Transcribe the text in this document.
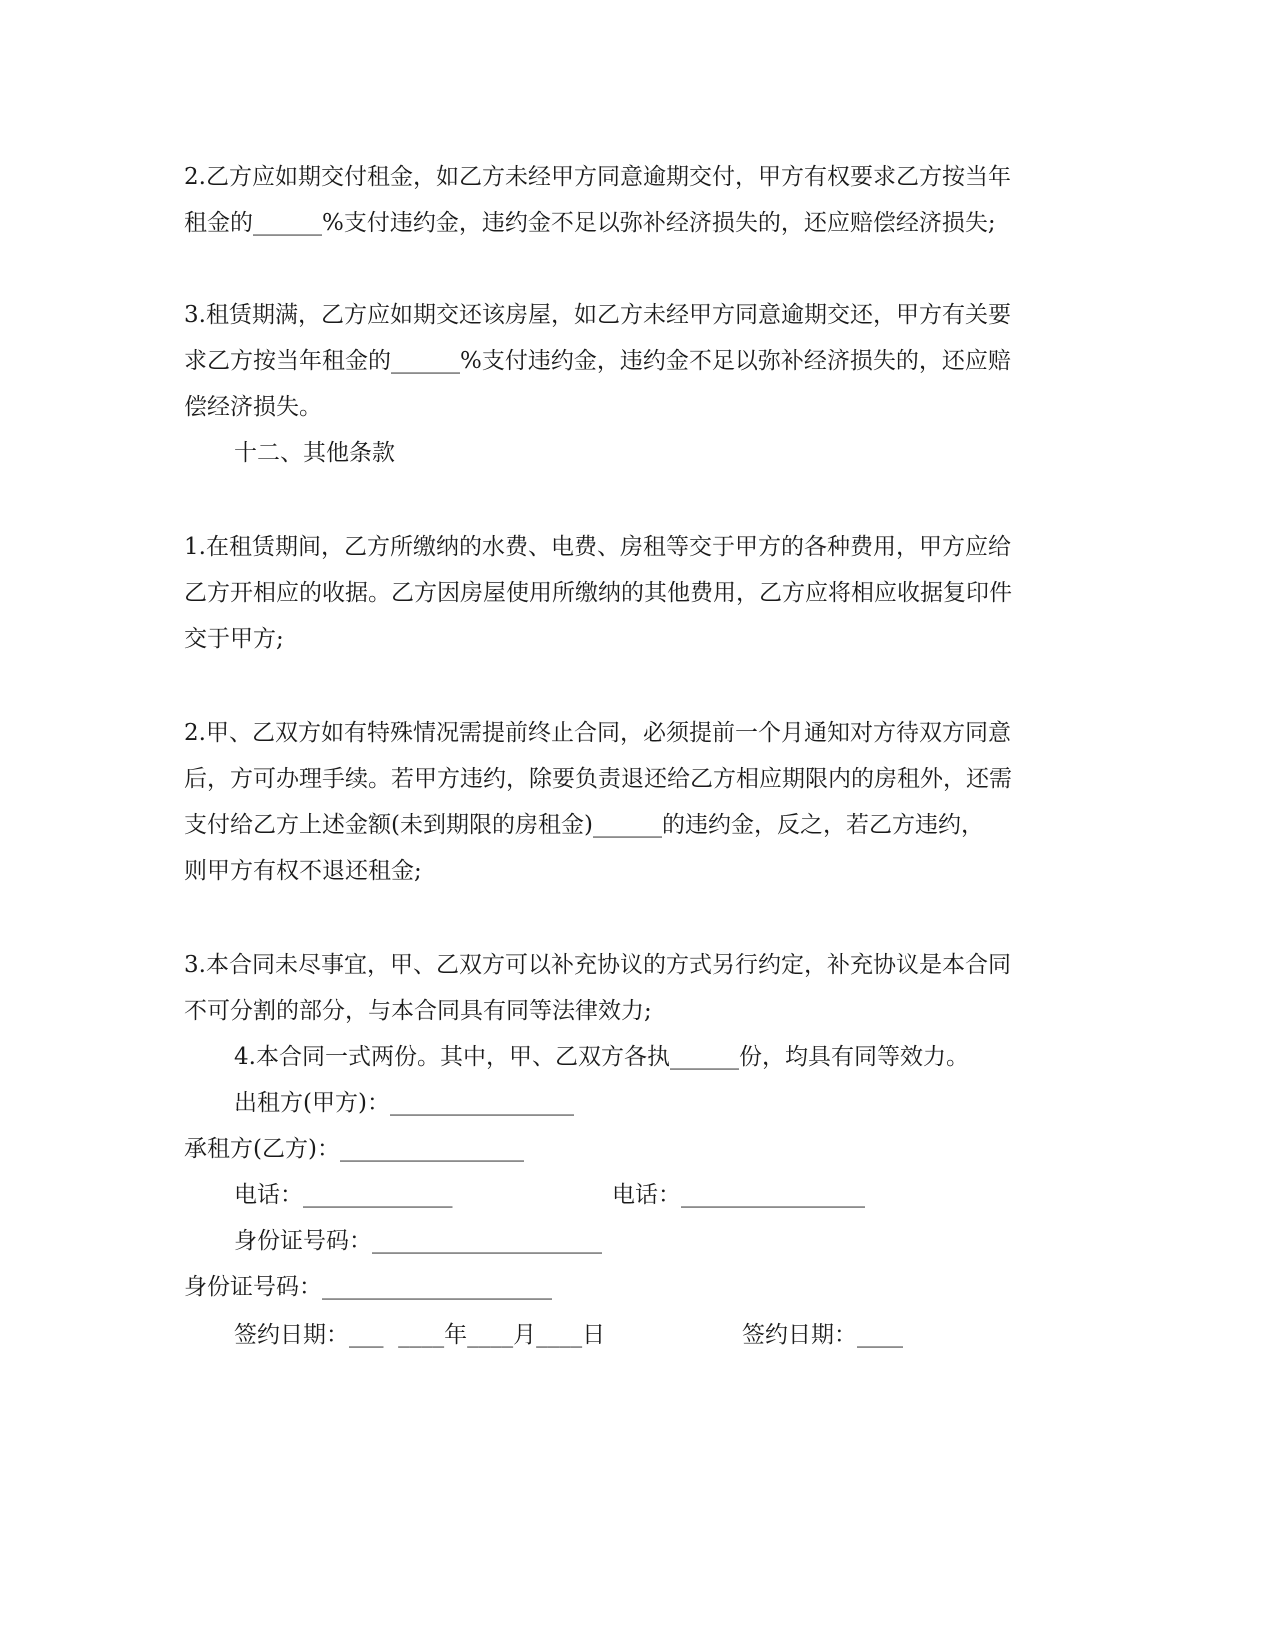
2.乙方应如期交付租金，如乙方未经甲方同意逾期交付，甲方有权要求乙方按当年
租金的______%支付违约金，违约金不足以弥补经济损失的，还应赔偿经济损失;
3.租赁期满，乙方应如期交还该房屋，如乙方未经甲方同意逾期交还，甲方有关要
求乙方按当年租金的______%支付违约金，违约金不足以弥补经济损失的，还应赔
偿经济损失。
十二、其他条款
1.在租赁期间，乙方所缴纳的水费、电费、房租等交于甲方的各种费用，甲方应给
乙方开相应的收据。乙方因房屋使用所缴纳的其他费用，乙方应将相应收据复印件
交于甲方;
2.甲、乙双方如有特殊情况需提前终止合同，必须提前一个月通知对方待双方同意
后，方可办理手续。若甲方违约，除要负责退还给乙方相应期限内的房租外，还需
支付给乙方上述金额(未到期限的房租金)______的违约金，反之，若乙方违约，
则甲方有权不退还租金;
3.本合同未尽事宜，甲、乙双方可以补充协议的方式另行约定，补充协议是本合同
不可分割的部分，与本合同具有同等法律效力;
4.本合同一式两份。其中，甲、乙双方各执______份，均具有同等效力。
出租方(甲方)：________________
承租方(乙方)：________________
电话：_____________	电话：________________
身份证号码：____________________
身份证号码：____________________
签约日期：___  ____年____月____日	签约日期：____
